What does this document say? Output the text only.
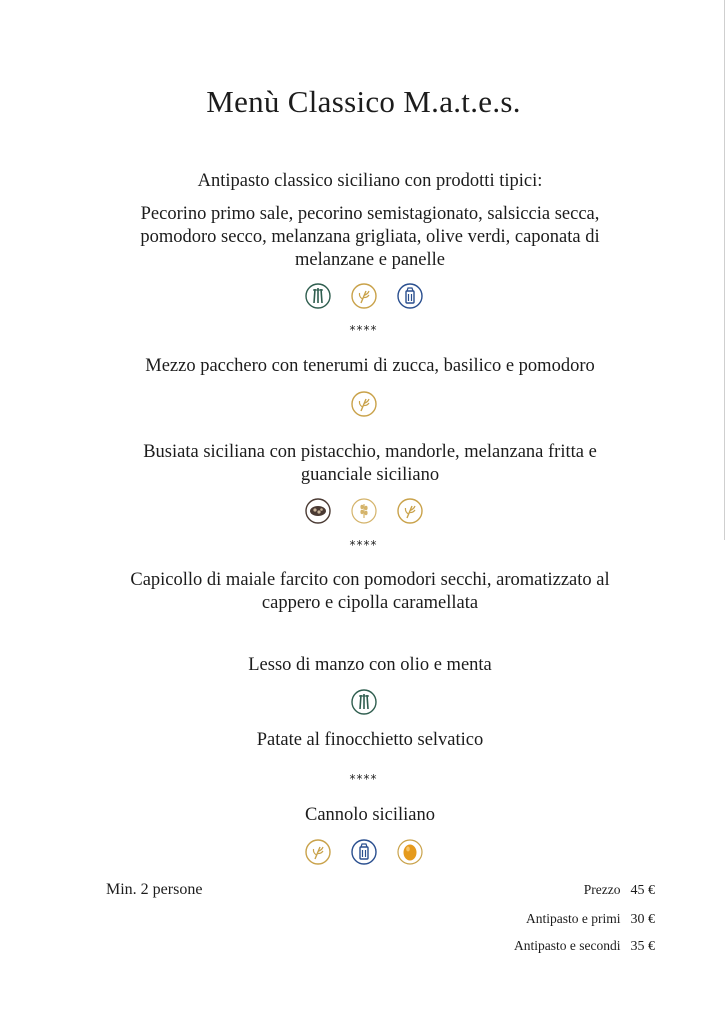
Menù Classico M.a.t.e.s.
Antipasto classico siciliano con prodotti tipici:
Pecorino primo sale, pecorino semistagionato, salsiccia secca,
pomodoro secco, melanzana grigliata, olive verdi, caponata di
melanzane e panelle
****
Mezzo pacchero con tenerumi di zucca, basilico e pomodoro
Busiata siciliana con pistacchio, mandorle, melanzana fritta e
guanciale siciliano
****
Capicollo di maiale farcito con pomodori secchi, aromatizzato al
cappero e cipolla caramellata
Lesso di manzo con olio e menta
Patate al finocchietto selvatico
****
Cannolo siciliano
Min. 2 persone	Prezzo 45 €
Antipasto e primi 30 €
Antipasto e secondi 35 €
